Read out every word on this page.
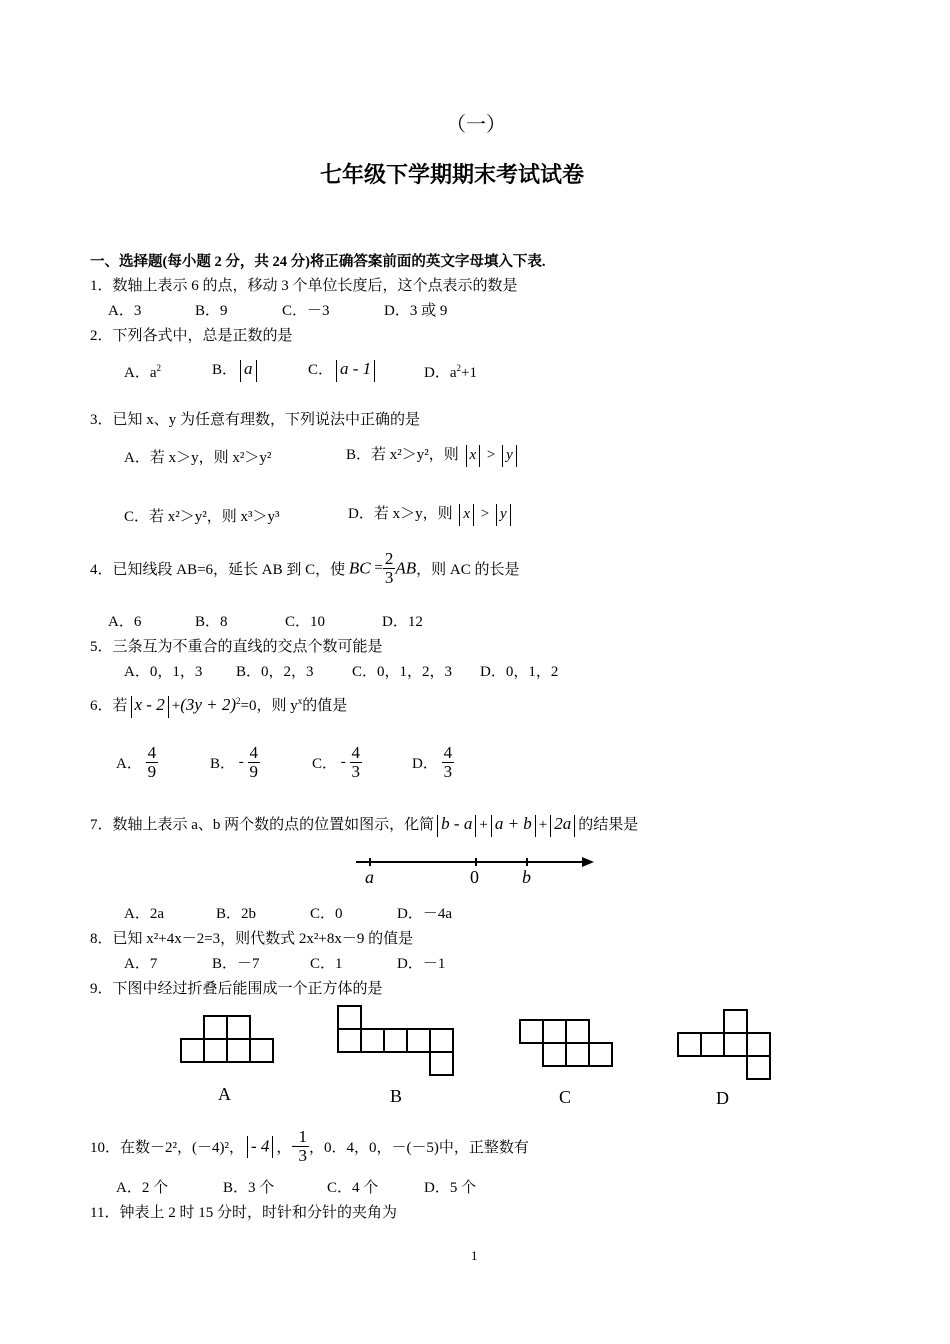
（一）
七年级下学期期末考试试卷
一、选择题(每小题 2 分，共 24 分)将正确答案前面的英文字母填入下表.
1．数轴上表示 6 的点，移动 3 个单位长度后，这个点表示的数是
A．3	B．9	C．－3	D．3 或 9
2．下列各式中，总是正数的是
A．$a^2$	B． a	C． a - 1	D．$a^2+1$
3．已知 x、y 为任意有理数，下列说法中正确的是
A．若 x＞y，则 x²＞y²	B．若 x²＞y²，则 x > y
C．若 x²＞y²，则 x³＞y³	D．若 x＞y，则 x > y
4．已知线段 AB=6，延长 AB 到 C，使 BC = $\frac{2}{3}$ AB，则 AC 的长是
A．6	B．8	C．10	D．12
5．三条互为不重合的直线的交点个数可能是
A．0，1，3 B．0，2，3	C．0，1，2，3 D．0，1，2
6．若 $x - 2 +(3y + 2)^2=0$，则 $y^x$的值是
A． $\frac{4}{9}$	B． - $\frac{4}{9}$	C． - $\frac{4}{3}$	D． $\frac{4}{3}$
7．数轴上表示 a、b 两个数的点的位置如图示，化简 b - a + a + b + 2a 的结果是
a	0 b
A．2a	B．2b	C．0	D．－4a
8．已知 x²+4x－2=3，则代数式 2x²+8x－9 的值是
A．7	B．－7	C．1	D．－1
9．下图中经过折叠后能围成一个正方体的是
A	B	C	D
10．在数－2²，(－4)²， - 4 ，- $\frac{1}{3}$ ，0．4，0，－(－5)中，正整数有
A．2 个	B．3 个	C．4 个	D．5 个
11．钟表上 2 时 15 分时，时针和分针的夹角为
1
